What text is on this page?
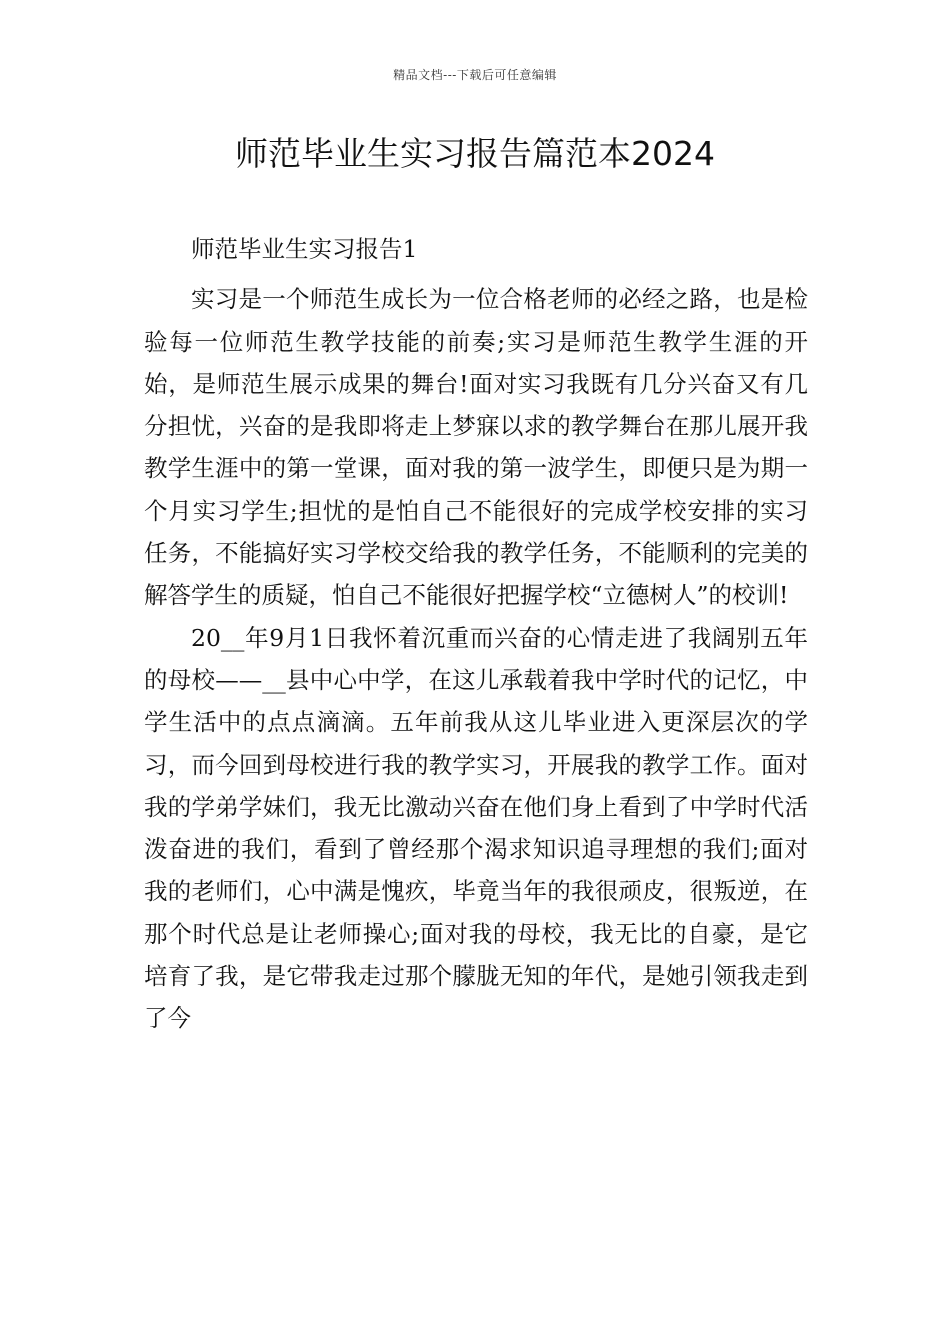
精品文档---下载后可任意编辑
师范毕业生实习报告篇范本2024

师范毕业生实习报告1

实习是一个师范生成长为一位合格老师的必经之路，也是检验每一位师范生教学技能的前奏;实习是师范生教学生涯的开始，是师范生展示成果的舞台!面对实习我既有几分兴奋又有几分担忧，兴奋的是我即将走上梦寐以求的教学舞台在那儿展开我教学生涯中的第一堂课，面对我的第一波学生，即便只是为期一个月实习学生;担忧的是怕自己不能很好的完成学校安排的实习任务，不能搞好实习学校交给我的教学任务，不能顺利的完美的解答学生的质疑，怕自己不能很好把握学校“立德树人”的校训!

20__年9月1日我怀着沉重而兴奋的心情走进了我阔别五年的母校——__县中心中学，在这儿承载着我中学时代的记忆，中学生活中的点点滴滴。五年前我从这儿毕业进入更深层次的学习，而今回到母校进行我的教学实习，开展我的教学工作。面对我的学弟学妹们，我无比激动兴奋在他们身上看到了中学时代活泼奋进的我们，看到了曾经那个渴求知识追寻理想的我们;面对我的老师们，心中满是愧疚，毕竟当年的我很顽皮，很叛逆，在那个时代总是让老师操心;面对我的母校，我无比的自豪，是它培育了我，是它带我走过那个朦胧无知的年代，是她引领我走到了今
